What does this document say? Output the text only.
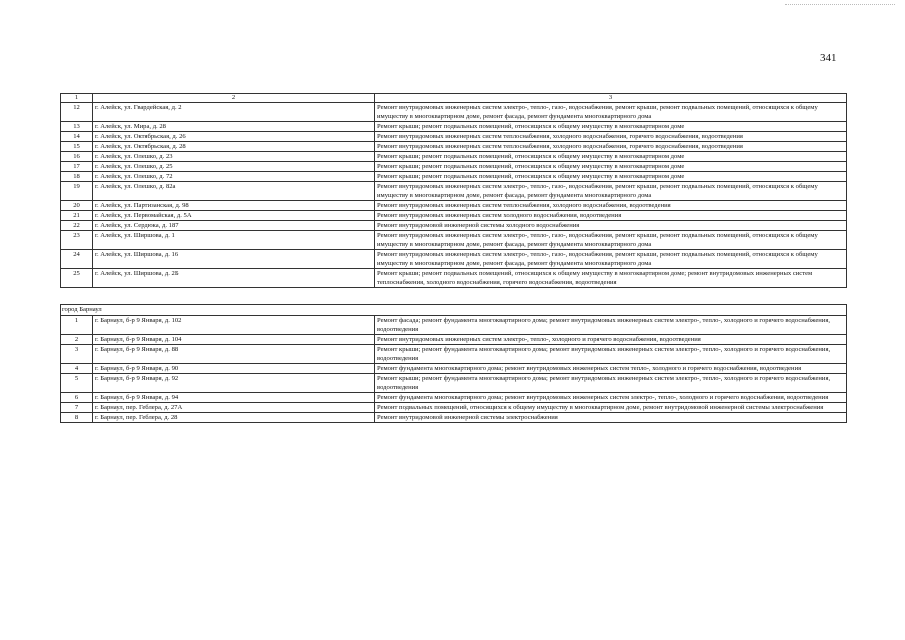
341
1	2	3
12	г. Алейск, ул. Гвардейская, д. 2	Ремонт внутридомовых инженерных систем электро-, тепло-, газо-, водоснабжения, ремонт крыши, ремонт подвальных помещений, относящихся к общему имуществу в многоквартирном доме, ремонт фасада, ремонт фундамента многоквартирного дома
13	г. Алейск, ул. Мира, д. 28	Ремонт крыши; ремонт подвальных помещений, относящихся к общему имуществу в многоквартирном доме
14	г. Алейск, ул. Октябрьская, д. 26	Ремонт внутридомовых инженерных систем теплоснабжения, холодного водоснабжения, горячего водоснабжения, водоотведения
15	г. Алейск, ул. Октябрьская, д. 28	Ремонт внутридомовых инженерных систем теплоснабжения, холодного водоснабжения, горячего водоснабжения, водоотведения
16	г. Алейск, ул. Олешко, д. 23	Ремонт крыши; ремонт подвальных помещений, относящихся к общему имуществу в многоквартирном доме
17	г. Алейск, ул. Олешко, д. 25	Ремонт крыши; ремонт подвальных помещений, относящихся к общему имуществу в многоквартирном доме
18	г. Алейск, ул. Олешко, д. 72	Ремонт крыши; ремонт подвальных помещений, относящихся к общему имуществу в многоквартирном доме
19	г. Алейск, ул. Олешко, д. 82а	Ремонт внутридомовых инженерных систем электро-, тепло-, газо-, водоснабжения, ремонт крыши, ремонт подвальных помещений, относящихся к общему имуществу в многоквартирном доме, ремонт фасада, ремонт фундамента многоквартирного дома
20	г. Алейск, ул. Партизанская, д. 98	Ремонт внутридомовых инженерных систем теплоснабжения, холодного водоснабжения, водоотведения
21	г. Алейск, ул. Первомайская, д. 5А	Ремонт внутридомовых инженерных систем холодного водоснабжения, водоотведения
22	г. Алейск, ул. Сердюка, д. 187	Ремонт внутридомовой инженерной системы холодного водоснабжения
23	г. Алейск, ул. Ширшова, д. 1	Ремонт внутридомовых инженерных систем электро-, тепло-, газо-, водоснабжения, ремонт крыши, ремонт подвальных помещений, относящихся к общему имуществу в многоквартирном доме, ремонт фасада, ремонт фундамента многоквартирного дома
24	г. Алейск, ул. Ширшова, д. 16	Ремонт внутридомовых инженерных систем электро-, тепло-, газо-, водоснабжения, ремонт крыши, ремонт подвальных помещений, относящихся к общему имуществу в многоквартирном доме, ремонт фасада, ремонт фундамента многоквартирного дома
25	г. Алейск, ул. Ширшова, д. 2Б	Ремонт крыши; ремонт подвальных помещений, относящихся к общему имуществу в многоквартирном доме; ремонт внутридомовых инженерных систем теплоснабжения, холодного водоснабжения, горячего водоснабжения, водоотведения

город Барнаул		
1	г. Барнаул, б-р 9 Января, д. 102	Ремонт фасада; ремонт фундамента многоквартирного дома; ремонт внутридомовых инженерных систем электро-, тепло-, холодного и горячего водоснабжения, водоотведения
2	г. Барнаул, б-р 9 Января, д. 104	Ремонт внутридомовых инженерных систем электро-, тепло-, холодного и горячего водоснабжения, водоотведения
3	г. Барнаул, б-р 9 Января, д. 88	Ремонт крыши; ремонт фундамента многоквартирного дома; ремонт внутридомовых инженерных систем электро-, тепло-, холодного и горячего водоснабжения, водоотведения
4	г. Барнаул, б-р 9 Января, д. 90	Ремонт фундамента многоквартирного дома; ремонт внутридомовых инженерных систем тепло-, холодного и горячего водоснабжения, водоотведения
5	г. Барнаул, б-р 9 Января, д. 92	Ремонт крыши; ремонт фундамента многоквартирного дома; ремонт внутридомовых инженерных систем электро-, тепло-, холодного и горячего водоснабжения, водоотведения
6	г. Барнаул, б-р 9 Января, д. 94	Ремонт фундамента многоквартирного дома; ремонт внутридомовых инженерных систем электро-, тепло-, холодного и горячего водоснабжения, водоотведения
7	г. Барнаул, пер. Геблера, д. 27А	Ремонт подвальных помещений, относящихся к общему имуществу в многоквартирном доме, ремонт внутридомовой инженерной системы электроснабжения
8	г. Барнаул, пер. Геблера, д. 28	Ремонт внутридомовой инженерной системы электроснабжения
